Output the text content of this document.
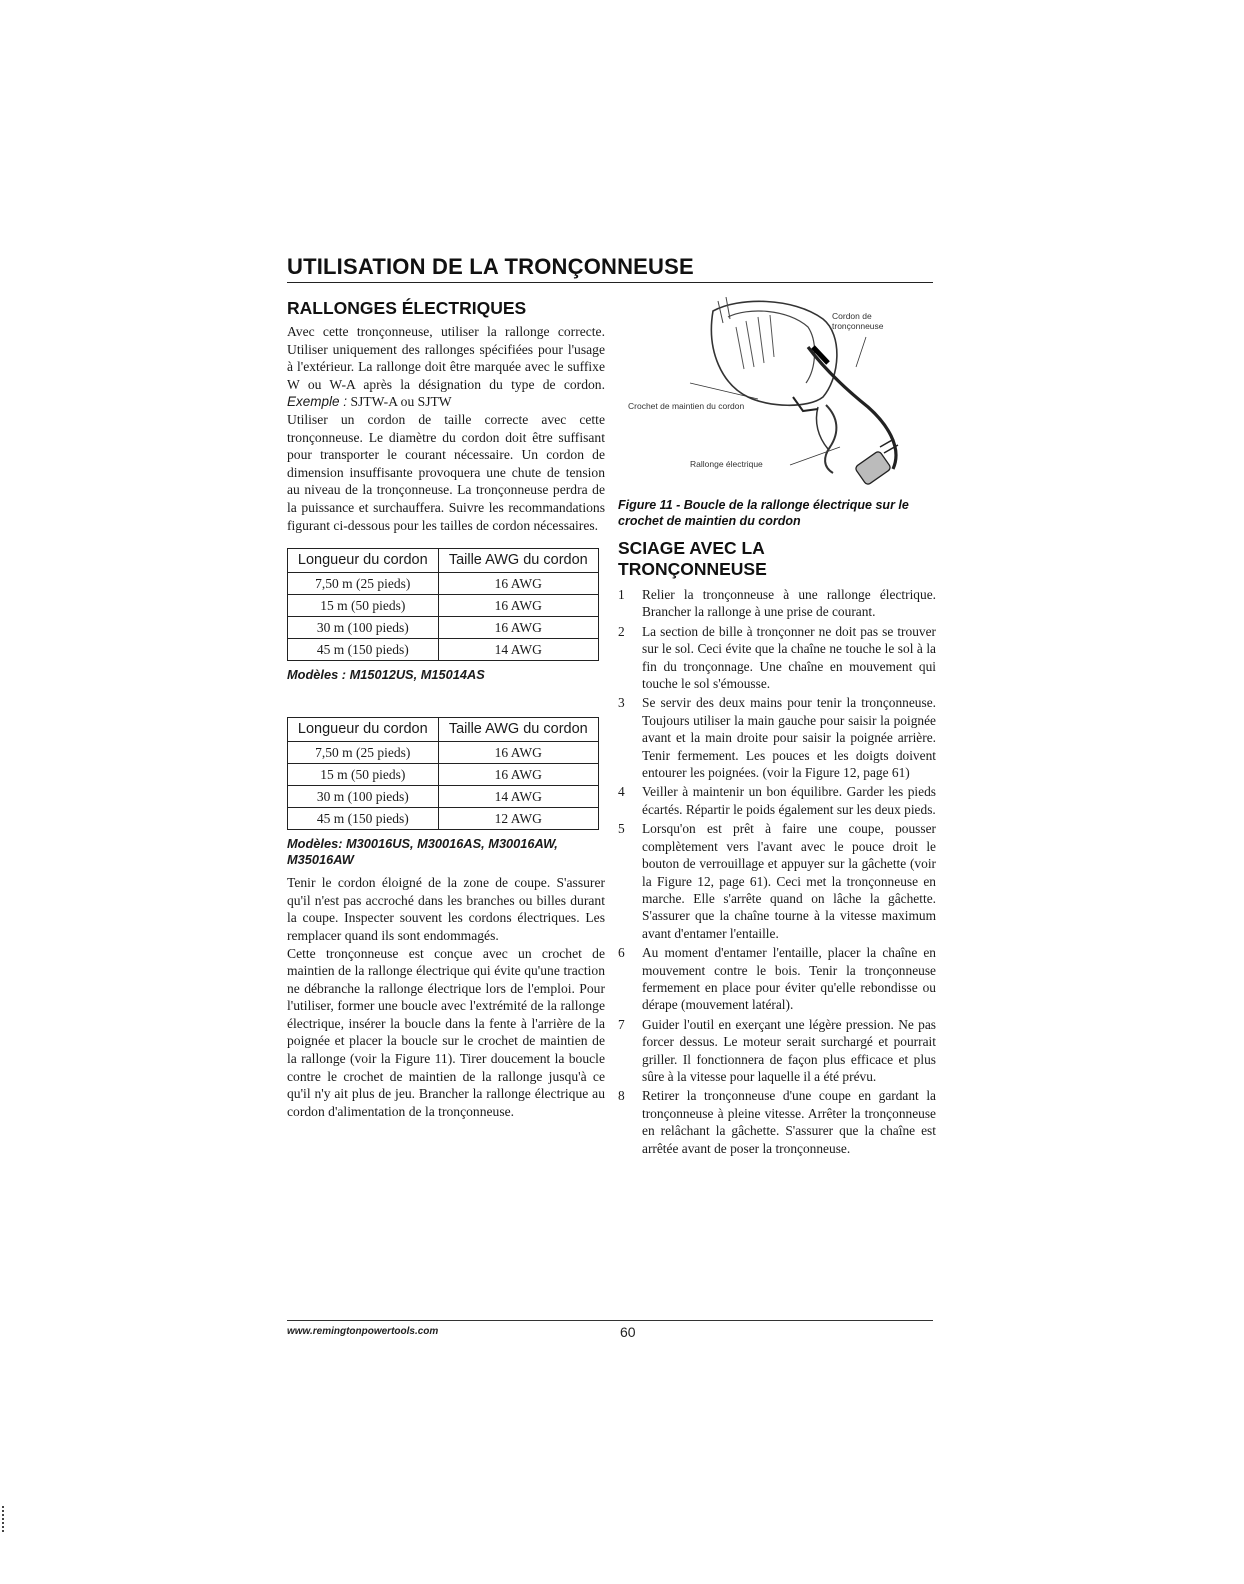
UTILISATION DE LA TRONÇONNEUSE
RALLONGES ÉLECTRIQUES

Avec cette tronçonneuse, utiliser la rallonge correcte. Utiliser uniquement des rallonges spécifiées pour l'usage à l'extérieur. La rallonge doit être marquée avec le suffixe W ou W-A après la désignation du type de cordon. Exemple : SJTW-A ou SJTW

Utiliser un cordon de taille correcte avec cette tronçonneuse. Le diamètre du cordon doit être suffisant pour transporter le courant nécessaire. Un cordon de dimension insuffisante provoquera une chute de tension au niveau de la tronçonneuse. La tronçonneuse perdra de la puissance et surchauffera. Suivre les recommandations figurant ci-dessous pour les tailles de cordon nécessaires.

Longueur du cordon	Taille AWG du cordon
7,50 m (25 pieds)	16 AWG
15 m (50 pieds)	16 AWG
30 m (100 pieds)	16 AWG
45 m (150 pieds)	14 AWG
Modèles : M15012US, M15014AS
Longueur du cordon	Taille AWG du cordon
7,50 m (25 pieds)	16 AWG
15 m (50 pieds)	16 AWG
30 m (100 pieds)	14 AWG
45 m (150 pieds)	12 AWG
Modèles: M30016US, M30016AS, M30016AW, M35016AW

Tenir le cordon éloigné de la zone de coupe. S'assurer qu'il n'est pas accroché dans les branches ou billes durant la coupe. Inspecter souvent les cordons électriques. Les remplacer quand ils sont endommagés.

Cette tronçonneuse est conçue avec un crochet de maintien de la rallonge électrique qui évite qu'une traction ne débranche la rallonge électrique lors de l'emploi. Pour l'utiliser, former une boucle avec l'extrémité de la rallonge électrique, insérer la boucle dans la fente à l'arrière de la poignée et placer la boucle sur le crochet de maintien de la rallonge (voir la Figure 11). Tirer doucement la boucle contre le crochet de maintien de la rallonge jusqu'à ce qu'il n'y ait plus de jeu. Brancher la rallonge électrique au cordon d'alimentation de la tronçonneuse.

Cordon de tronçonneuse
Crochet de maintien du cordon
Rallonge électrique
Figure 11 - Boucle de la rallonge électrique sur le crochet de maintien du cordon
SCIAGE AVEC LA TRONÇONNEUSE
1	Relier la tronçonneuse à une rallonge électrique. Brancher la rallonge à une prise de courant.
2	La section de bille à tronçonner ne doit pas se trouver sur le sol. Ceci évite que la chaîne ne touche le sol à la fin du tronçonnage. Une chaîne en mouvement qui touche le sol s'émousse.
3	Se servir des deux mains pour tenir la tronçonneuse. Toujours utiliser la main gauche pour saisir la poignée avant et la main droite pour saisir la poignée arrière. Tenir fermement. Les pouces et les doigts doivent entourer les poignées. (voir la Figure 12, page 61)
4	Veiller à maintenir un bon équilibre. Garder les pieds écartés. Répartir le poids également sur les deux pieds.
5	Lorsqu'on est prêt à faire une coupe, pousser complètement vers l'avant avec le pouce droit le bouton de verrouillage et appuyer sur la gâchette (voir la Figure 12, page 61). Ceci met la tronçonneuse en marche. Elle s'arrête quand on lâche la gâchette. S'assurer que la chaîne tourne à la vitesse maximum avant d'entamer l'entaille.
6	Au moment d'entamer l'entaille, placer la chaîne en mouvement contre le bois. Tenir la tronçonneuse fermement en place pour éviter qu'elle rebondisse ou dérape (mouvement latéral).
7	Guider l'outil en exerçant une légère pression. Ne pas forcer dessus. Le moteur serait surchargé et pourrait griller. Il fonctionnera de façon plus efficace et plus sûre à la vitesse pour laquelle il a été prévu.
8	Retirer la tronçonneuse d'une coupe en gardant la tronçonneuse à pleine vitesse. Arrêter la tronçonneuse en relâchant la gâchette. S'assurer que la chaîne est arrêtée avant de poser la tronçonneuse.
www.remingtonpowertools.com	60
